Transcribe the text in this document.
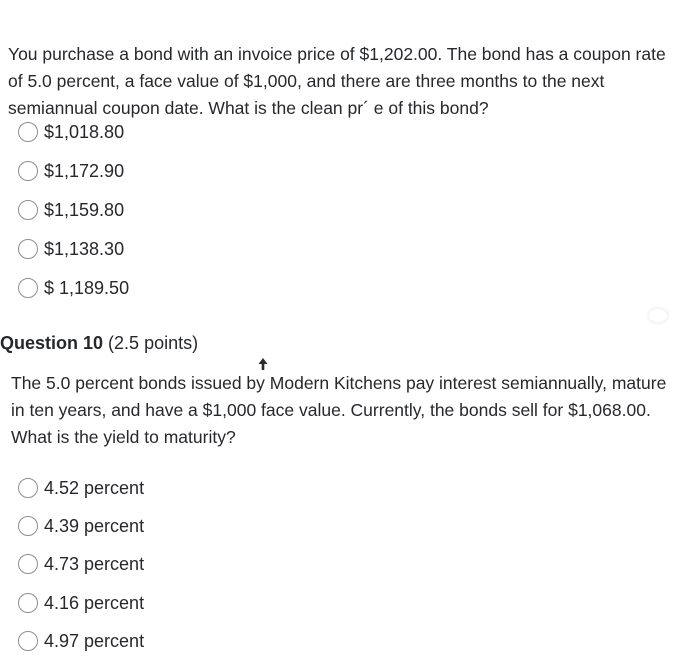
You purchase a bond with an invoice price of $1,202.00. The bond has a coupon rate
of 5.0 percent, a face value of $1,000, and there are three months to the next
semiannual coupon date. What is the clean pr´ e of this bond?
$1,018.80
$1,172.90
$1,159.80
$1,138.30
$ 1,189.50
Question 10 (2.5 points)
The 5.0 percent bonds issued by Modern Kitchens pay interest semiannually, mature
in ten years, and have a $1,000 face value. Currently, the bonds sell for $1,068.00.
What is the yield to maturity?
4.52 percent
4.39 percent
4.73 percent
4.16 percent
4.97 percent
